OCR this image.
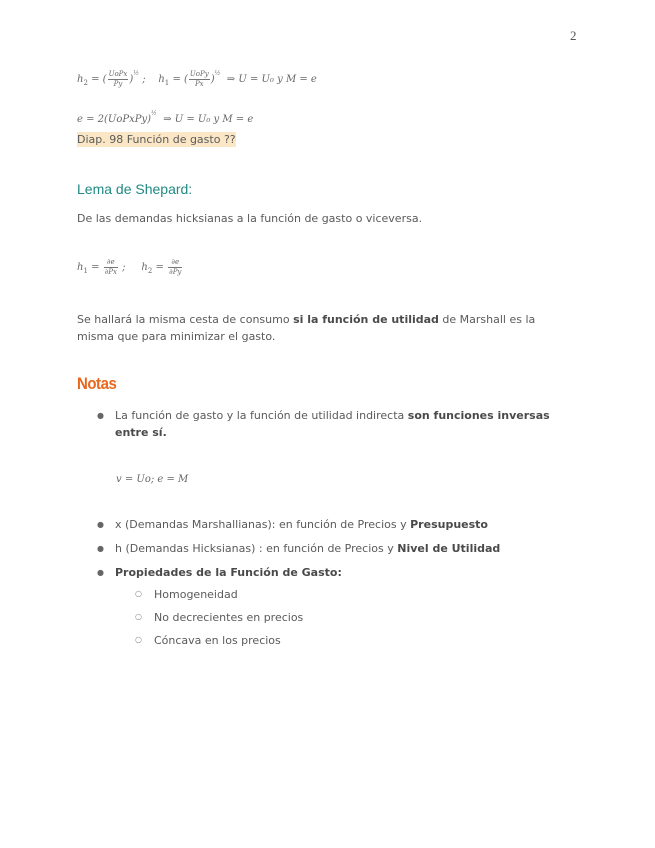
2
$h_2$ = ( $\frac{\text{UoPx}}{Py} )^{\frac{1}{2}}$ ;    $h_1$ = ( $\frac{\text{UoPy}}{Px} )^{\frac{1}{2}}$  ⇒ U = U₀ y M = e
e = 2(UoPxPy)$^{\frac{1}{2}}$  ⇒ U = U₀ y M = e
Diap. 98 Función de gasto ??
Lema de Shepard:
De las demandas hicksianas a la función de gasto o viceversa.
$h_1 = \frac{\partial e}{\partial Px}$ ;     $h_2 = \frac{\partial e}{\partial Py}$
Se hallará la misma cesta de consumo si la función de utilidad de Marshall es la misma que para minimizar el gasto.
Notas
●	La función de gasto y la función de utilidad indirecta son funciones inversas entre sí.
v = Uo; e = M
●	x (Demandas Marshallianas): en función de Precios y Presupuesto
●	h (Demandas Hicksianas) : en función de Precios y Nivel de Utilidad
●	Propiedades de la Función de Gasto:
○ Homogeneidad
○ No decrecientes en precios
○ Cóncava en los precios
